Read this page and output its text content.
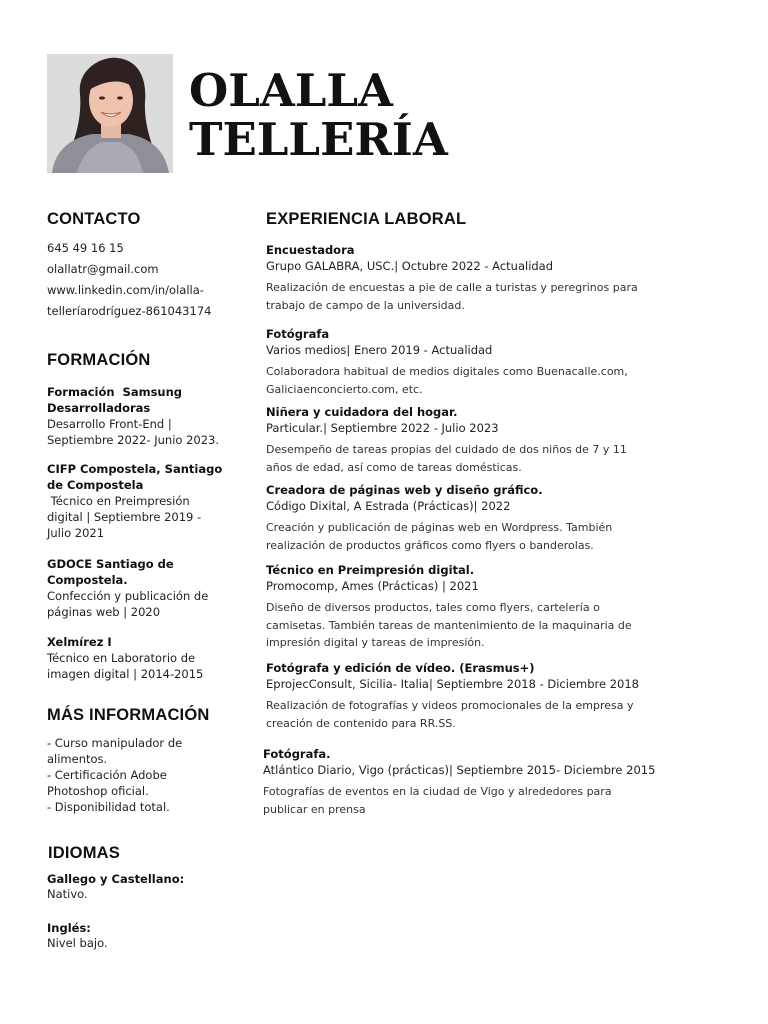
OLALLA
TELLERÍA
CONTACTO
645 49 16 15
olallatr@gmail.com
www.linkedin.com/in/olalla-
telleríarodríguez-861043174
FORMACIÓN
Formación  Samsung
Desarrolladoras
Desarrollo Front-End |
Septiembre 2022- Junio 2023.
CIFP Compostela, Santiago
de Compostela
Técnico en Preimpresión
digital | Septiembre 2019 -
Julio 2021
GDOCE Santiago de
Compostela.
Confección y publicación de
páginas web | 2020
Xelmírez I
Técnico en Laboratorio de
imagen digital | 2014-2015
MÁS INFORMACIÓN
- Curso manipulador de
alimentos.
- Certificación Adobe
Photoshop oficial.
- Disponibilidad total.
IDIOMAS
Gallego y Castellano:
Nativo.
Inglés:
Nivel bajo.
EXPERIENCIA LABORAL
Encuestadora
Grupo GALABRA, USC.| Octubre 2022 - Actualidad
Realización de encuestas a pie de calle a turistas y peregrinos para
trabajo de campo de la universidad.
Fotógrafa
Varios medios| Enero 2019 - Actualidad
Colaboradora habitual de medios digitales como Buenacalle.com,
Galiciaenconcierto.com, etc.
Niñera y cuidadora del hogar.
Particular.| Septiembre 2022 - Julio 2023
Desempeño de tareas propias del cuidado de dos niños de 7 y 11
años de edad, así como de tareas domésticas.
Creadora de páginas web y diseño gráfico.
Código Dixital, A Estrada (Prácticas)| 2022
Creación y publicación de páginas web en Wordpress. También
realización de productos gráficos como flyers o banderolas.
Técnico en Preimpresión digital.
Promocomp, Ames (Prácticas) | 2021
Diseño de diversos productos, tales como flyers, cartelería o
camisetas. También tareas de mantenimiento de la maquinaria de
impresión digital y tareas de impresión.
Fotógrafa y edición de vídeo. (Erasmus+)
EprojecConsult, Sicilia- Italia| Septiembre 2018 - Diciembre 2018
Realización de fotografías y videos promocionales de la empresa y
creación de contenido para RR.SS.
Fotógrafa.
Atlántico Diario, Vigo (prácticas)| Septiembre 2015- Diciembre 2015
Fotografías de eventos en la ciudad de Vigo y alrededores para
publicar en prensa
